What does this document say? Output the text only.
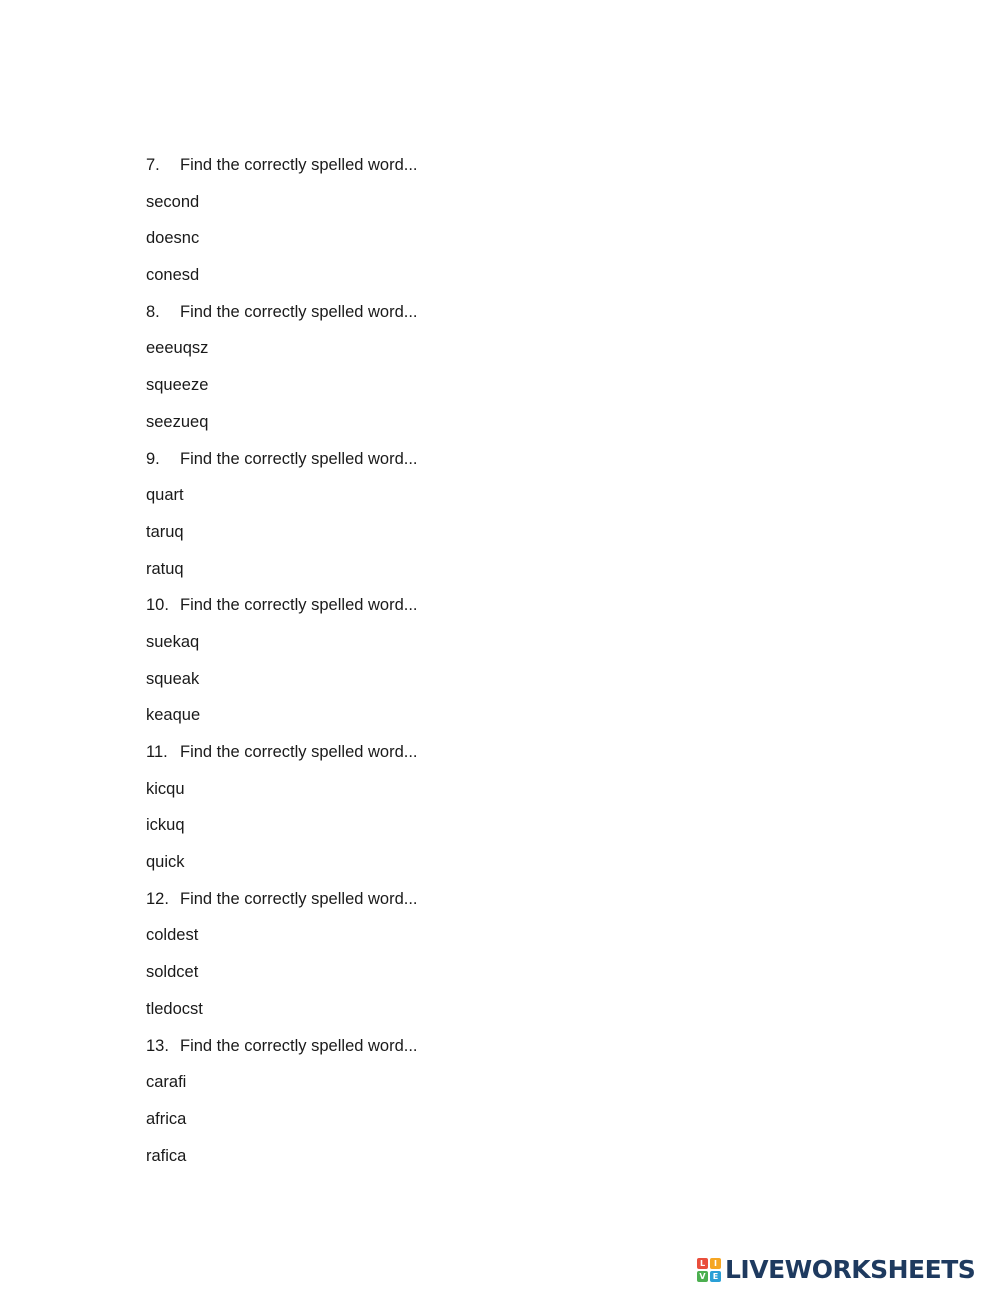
7. Find the correctly spelled word...
second
doesnc
conesd
8. Find the correctly spelled word...
eeeuqsz
squeeze
seezueq
9. Find the correctly spelled word...
quart
taruq
ratuq
10. Find the correctly spelled word...
suekaq
squeak
keaque
11. Find the correctly spelled word...
kicqu
ickuq
quick
12. Find the correctly spelled word...
coldest
soldcet
tledocst
13. Find the correctly spelled word...
carafi
africa
rafica
L	I
V E LIVEWORKSHEETS
